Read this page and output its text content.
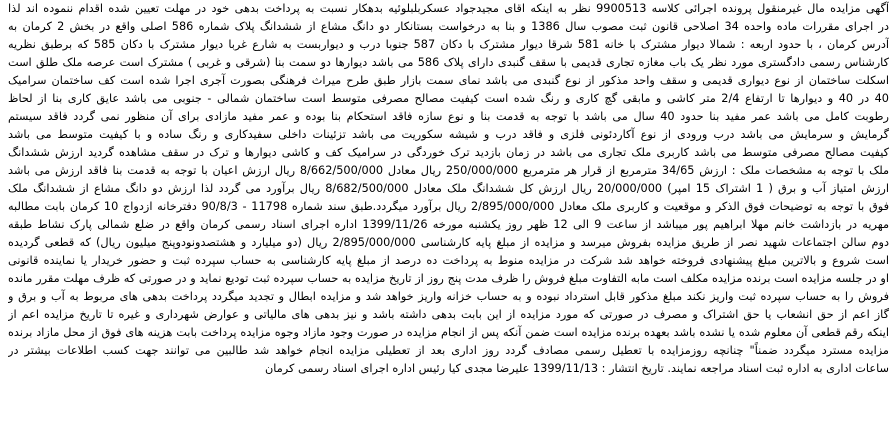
آگهی مزایده مال غیرمنقول پرونده اجرائی کلاسه 9900513 نظر به اینکه اقای مجیدجواد عسکربلبلوئیه بدهکار نسبت به پرداخت بدهی خود در مهلت تعیین شده اقدام ننموده اند لذا
در اجرای مقررات ماده واحده 34 اصلاحی قانون ثبت مصوب سال 1386 و بنا به درخواست بستانکار دو دانگ مشاع از ششدانگ پلاک شماره 586 اصلی واقع در بخش 2 کرمان به
آدرس کرمان ، با حدود اربعه : شمالا دیوار مشترک با خانه 581 شرقا دیوار مشترک با دکان 587 جنوبا درب و دیواربست به شارع غربا دیوار مشترک با دکان 585 که برطبق نظریه
کارشناس رسمی دادگستری مورد نظر یک باب مغازه تجاری قدیمی با سقف گنبدی دارای پلاک 586 می باشد دیوارها دو سمت بنا (شرقی و غربی ) مشترک است عرصه ملک طلق است
اسکلت ساختمان از نوع دیواری قدیمی و سقف واحد مذکور از نوع گنبدی می باشد نمای سمت بازار طبق طرح میراث فرهنگی بصورت آجری اجرا شده است کف ساختمان سرامیک
40 در 40 و دیوارها تا ارتفاع 2/4 متر کاشی و مابقی گچ کاری و رنگ شده است کیفیت مصالح مصرفی متوسط است ساختمان شمالی - جنوبی می باشد عایق کاری بنا از لحاظ
رطوبت کامل می باشد عمر مفید بنا حدود 40 سال می باشد با توجه به قدمت بنا و نوع سازه فاقد استحکام بنا بوده و عمر مفید مازادی برای آن منظور نمی گردد فاقد سیستم
گرمایش و سرمایش می باشد درب ورودی از نوع آکاردئونی فلزی و فاقد درب و شیشه سکوریت می باشد تزئینات داخلی سفیدکاری و رنگ ساده و با کیفیت متوسط می باشد
کیفیت مصالح مصرفی متوسط می باشد کاربری ملک تجاری می باشد در زمان بازدید ترک خوردگی در سرامیک کف و کاشی دیوارها و ترک در سقف مشاهده گردید ارزش ششدانگ
ملک با توجه به مشخصات ملک : ارزش 34/65 مترمربع از قرار هر مترمربع 250/000/000 ریال معادل 8/662/500/000 ریال ارزش اعیان با توجه به قدمت بنا فاقد ارزش می باشد
ارزش امتیاز آب و برق ( 1 اشتراک 15 امپر) 20/000/000 ریال ارزش کل ششدانگ ملک معادل 8/682/500/000 ریال برآورد می گردد لذا ارزش دو دانگ مشاع از ششدانگ ملک
فوق با توجه به توضیحات فوق الذکر و موقعیت و کاربری ملک معادل 2/895/000/000 ریال برآورد میگردد.طبق سند شماره 11798 - 90/8/3 دفترخانه ازدواج 10 کرمان بابت مطالبه
مهریه در بازداشت خانم مهلا ابراهیم پور میباشد از ساعت 9 الی 12 ظهر روز یکشنبه مورخه 1399/11/26 اداره اجرای اسناد رسمی کرمان واقع در ضلع شمالی پارک نشاط طبقه
دوم سالن اجتماعات شهید نصر از طریق مزایده بفروش میرسد و مزایده از مبلغ پایه کارشناسی 2/895/000/000 ریال (دو میلیارد و هشتصدونودوپنج میلیون ریال) که قطعی گردیده
است شروع و بالاترین مبلغ پیشنهادی فروخته خواهد شد شرکت در مزایده منوط به پرداخت ده درصد از مبلغ پایه کارشناسی به حساب سپرده ثبت و حضور خریدار یا نماینده قانونی
او در جلسه مزایده است برنده مزایده مکلف است مابه التفاوت مبلغ فروش را ظرف مدت پنج روز از تاریخ مزایده به حساب سپرده ثبت تودیع نماید و در صورتی که ظرف مهلت مقرر مانده
فروش را به حساب سپرده ثبت واریز نکند مبلغ مذکور قابل استرداد نبوده و به حساب خزانه واریز خواهد شد و مزایده ابطال و تجدید میگردد پرداخت بدهی های مربوط به آب و برق و
گاز اعم از حق انشعاب یا حق اشتراک و مصرف در صورتی که مورد مزایده از این بابت بدهی داشته باشد و نیز بدهی های مالیاتی و عوارض شهرداری و غیره تا تاریخ مزایده اعم از
اینکه رقم قطعی آن معلوم شده یا نشده باشد بعهده برنده مزایده است ضمن آنکه پس از انجام مزایده در صورت وجود مازاد وجوه مزایده پرداخت بابت هزینه های فوق از محل مازاد برنده
مزایده مسترد میگردد ضمناً" چنانچه روزمزایده با تعطیل رسمی مصادف گردد روز اداری بعد از تعطیلی مزایده انجام خواهد شد طالبین می توانند جهت کسب اطلاعات بیشتر در
ساعات اداری به اداره ثبت اسناد مراجعه نمایند. تاریخ انتشار : 1399/11/13 علیرضا مجدی کیا رئیس اداره اجرای اسناد رسمی کرمان
